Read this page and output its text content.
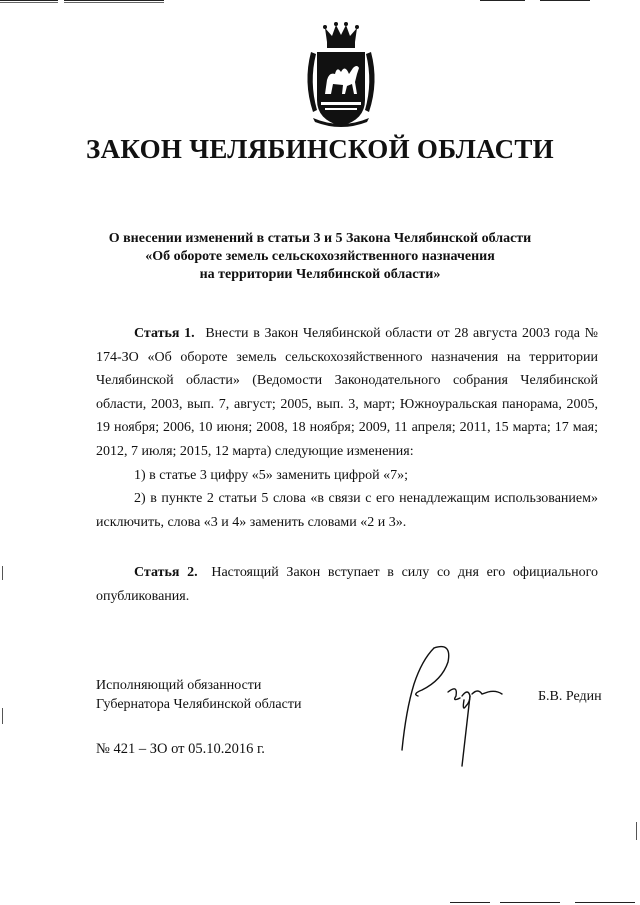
ЗАКОН ЧЕЛЯБИНСКОЙ ОБЛАСТИ
О внесении изменений в статьи 3 и 5 Закона Челябинской области
«Об обороте земель сельскохозяйственного назначения
на территории Челябинской области»

Статья 1. Внести в Закон Челябинской области от 28 августа 2003 года № 174-ЗО «Об обороте земель сельскохозяйственного назначения на территории Челябинской области» (Ведомости Законодательного собрания Челябинской области, 2003, вып. 7, август; 2005, вып. 3, март; Южноуральская панорама, 2005, 19 ноября; 2006, 10 июня; 2008, 18 ноября; 2009, 11 апреля; 2011, 15 марта; 17 мая; 2012, 7 июля; 2015, 12 марта) следующие изменения:

1) в статье 3 цифру «5» заменить цифрой «7»;

2) в пункте 2 статьи 5 слова «в связи с его ненадлежащим использованием» исключить, слова «3 и 4» заменить словами «2 и 3».

Статья 2. Настоящий Закон вступает в силу со дня его официального опубликования.

Исполняющий обязанности
Губернатора Челябинской области
Б.В. Редин
№ 421 – ЗО от 05.10.2016 г.
